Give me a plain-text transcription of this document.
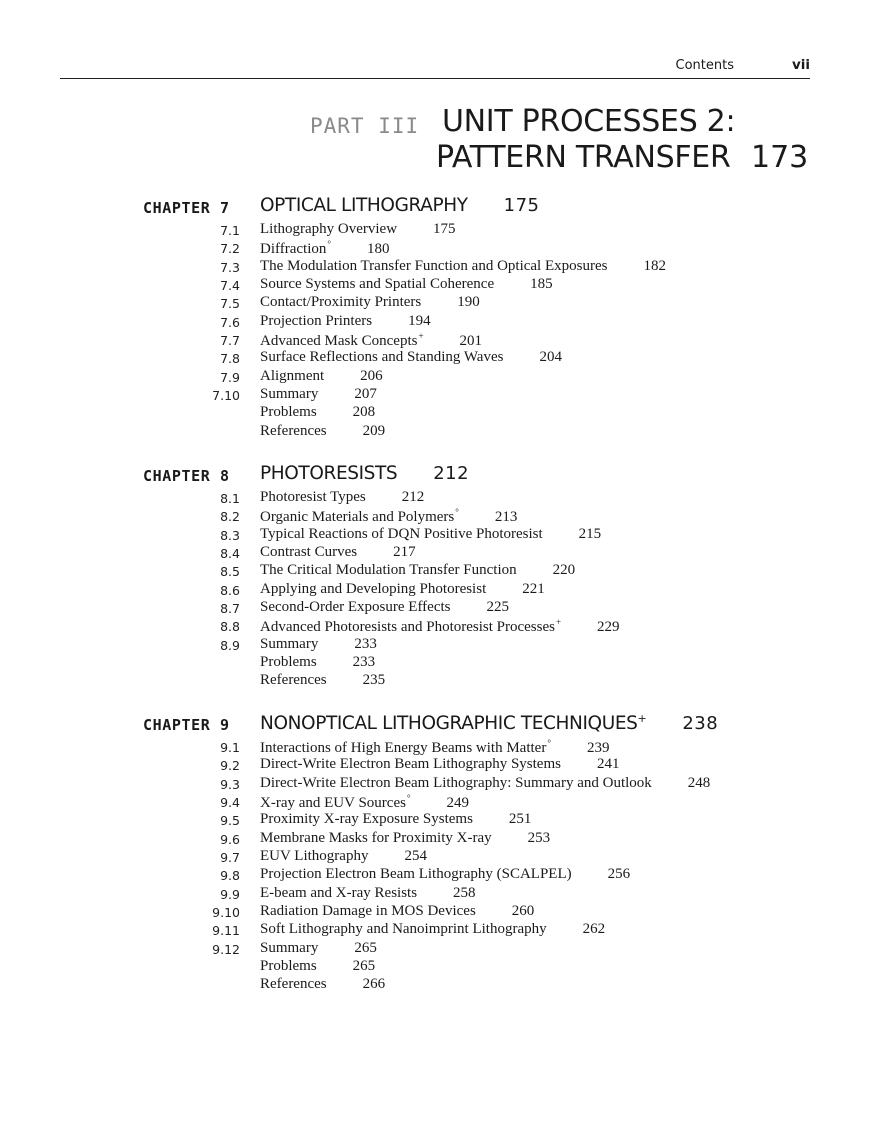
Contents	vii
PART III UNIT PROCESSES 2:
PATTERN TRANSFER 173
CHAPTER 7	OPTICAL LITHOGRAPHY 175
7.1 Lithography Overview 175
7.2 Diffraction° 180
7.3 The Modulation Transfer Function and Optical Exposures 182
7.4 Source Systems and Spatial Coherence 185
7.5 Contact/Proximity Printers 190
7.6 Projection Printers 194
7.7 Advanced Mask Concepts+ 201
7.8 Surface Reflections and Standing Waves 204
7.9 Alignment 206
7.10 Summary 207
Problems 208
References 209
CHAPTER 8	PHOTORESISTS 212
8.1 Photoresist Types 212
8.2 Organic Materials and Polymers° 213
8.3 Typical Reactions of DQN Positive Photoresist 215
8.4 Contrast Curves 217
8.5 The Critical Modulation Transfer Function 220
8.6 Applying and Developing Photoresist 221
8.7 Second-Order Exposure Effects 225
8.8 Advanced Photoresists and Photoresist Processes+ 229
8.9 Summary 233
Problems 233
References 235
CHAPTER 9	NONOPTICAL LITHOGRAPHIC TECHNIQUES+ 238
9.1 Interactions of High Energy Beams with Matter° 239
9.2 Direct-Write Electron Beam Lithography Systems 241
9.3 Direct-Write Electron Beam Lithography: Summary and Outlook 248
9.4 X-ray and EUV Sources° 249
9.5 Proximity X-ray Exposure Systems 251
9.6 Membrane Masks for Proximity X-ray 253
9.7 EUV Lithography 254
9.8 Projection Electron Beam Lithography (SCALPEL) 256
9.9 E-beam and X-ray Resists 258
9.10 Radiation Damage in MOS Devices 260
9.11 Soft Lithography and Nanoimprint Lithography 262
9.12 Summary 265
Problems 265
References 266
